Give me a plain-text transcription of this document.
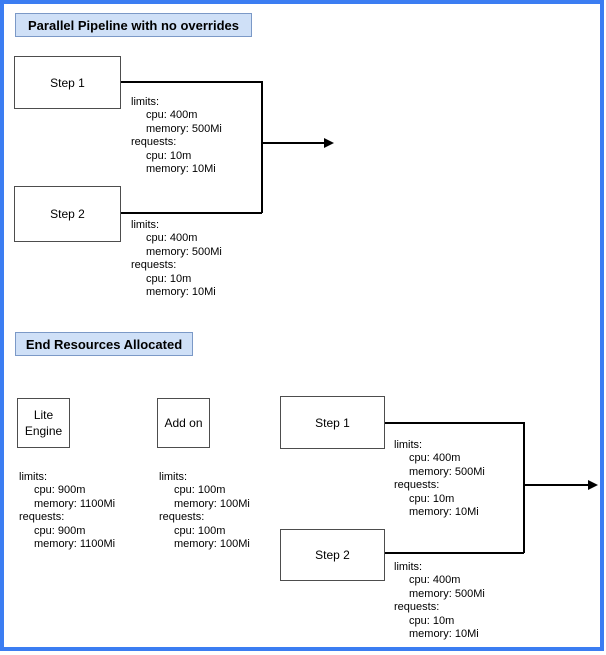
Parallel Pipeline with no overrides
Step 1
Step 2
limits:
cpu: 400m
memory: 500Mi
requests:
cpu: 10m
memory: 10Mi
limits:
cpu: 400m
memory: 500Mi
requests:
cpu: 10m
memory: 10Mi
End Resources Allocated
Lite Engine
Add on
limits:
cpu: 900m
memory: 1100Mi
requests:
cpu: 900m
memory: 1100Mi
limits:
cpu: 100m
memory: 100Mi
requests:
cpu: 100m
memory: 100Mi
Step 1
Step 2
limits:
cpu: 400m
memory: 500Mi
requests:
cpu: 10m
memory: 10Mi
limits:
cpu: 400m
memory: 500Mi
requests:
cpu: 10m
memory: 10Mi
